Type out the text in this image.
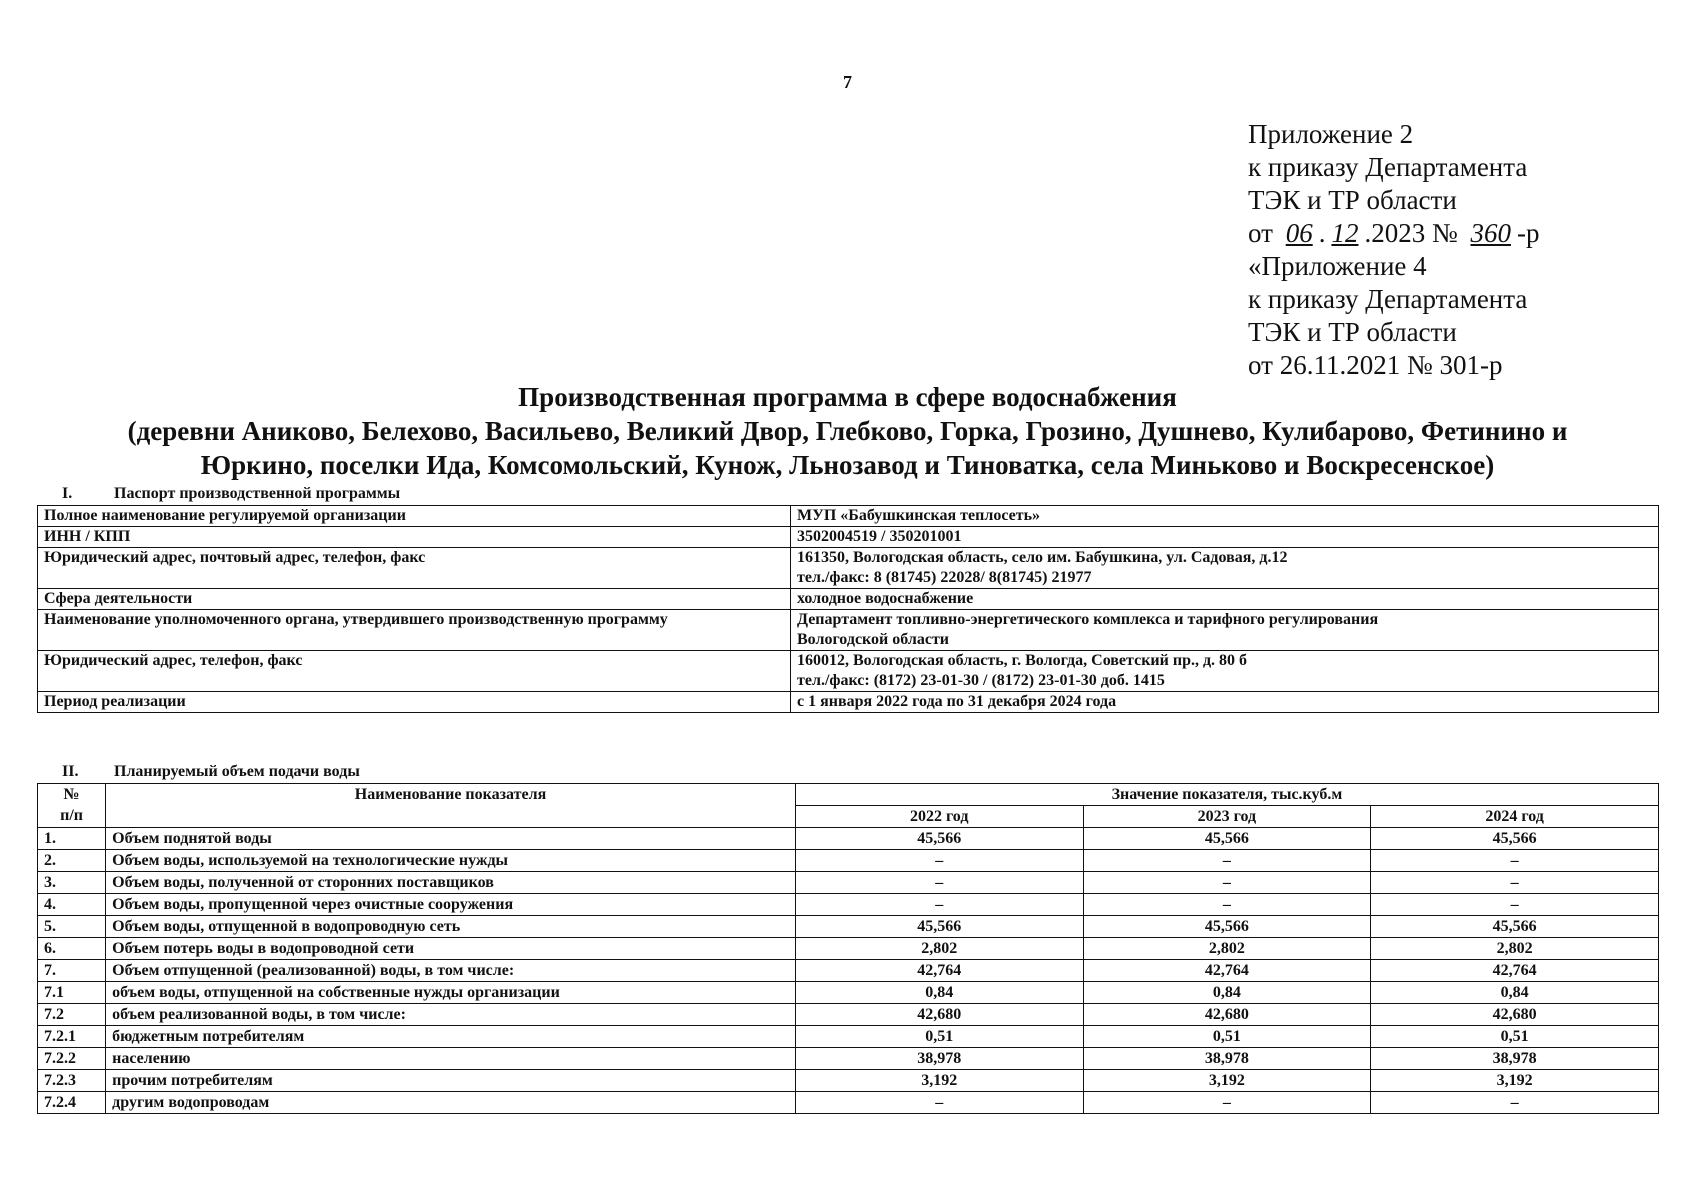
7
Приложение 2
к приказу Департамента
ТЭК и ТР области
от 06 . 12 .2023 № 360 -р
«Приложение 4
к приказу Департамента
ТЭК и ТР области
от 26.11.2021 № 301-р
Производственная программа в сфере водоснабжения
(деревни Аниково, Белехово, Васильево, Великий Двор, Глебково, Горка, Грозино, Душнево, Кулибарово, Фетинино и
Юркино, поселки Ида, Комсомольский, Кунож, Льнозавод и Тиноватка, села Миньково и Воскресенское)
I.	Паспорт производственной программы
Полное наименование регулируемой организации	МУП «Бабушкинская теплосеть»

ИНН / КПП	3502004519 / 350201001

Юридический адрес, почтовый адрес, телефон, факс	161350, Вологодская область, село им. Бабушкина, ул. Садовая, д.12
тел./факс: 8 (81745) 22028/ 8(81745) 21977

Сфера деятельности	холодное водоснабжение

Наименование уполномоченного органа, утвердившего производственную программу	Департамент топливно-энергетического комплекса и тарифного регулирования
Вологодской области

Юридический адрес, телефон, факс	160012, Вологодская область, г. Вологда, Советский пр., д. 80 б
тел./факс: (8172) 23-01-30 / (8172) 23-01-30 доб. 1415

Период реализации	с 1 января 2022 года по 31 декабря 2024 года
II. Планируемый объем подачи воды
№
п/п	Наименование показателя	Значение показателя, тыс.куб.м		
		2022 год	2023 год	2024 год
1.	Объем поднятой воды	45,566	45,566	45,566
2.	Объем воды, используемой на технологические нужды	–	–	–
3.	Объем воды, полученной от сторонних поставщиков	–	–	–
4.	Объем воды, пропущенной через очистные сооружения	–	–	–
5.	Объем воды, отпущенной в водопроводную сеть	45,566	45,566	45,566
6.	Объем потерь воды в водопроводной сети	2,802	2,802	2,802
7.	Объем отпущенной (реализованной) воды, в том числе:	42,764	42,764	42,764
7.1	объем воды, отпущенной на собственные нужды организации	0,84	0,84	0,84
7.2	объем реализованной воды, в том числе:	42,680	42,680	42,680
7.2.1	бюджетным потребителям	0,51	0,51	0,51
7.2.2	населению	38,978	38,978	38,978
7.2.3	прочим потребителям	3,192	3,192	3,192
7.2.4	другим водопроводам	–	–	–
